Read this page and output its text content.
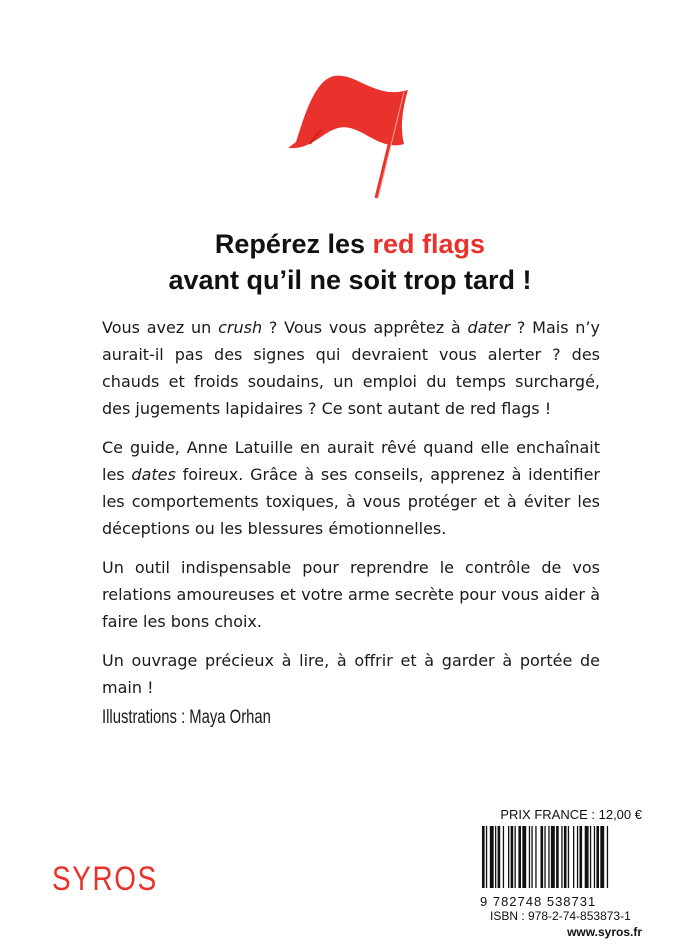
Repérez les red flags
avant qu’il ne soit trop tard !

Vous avez un crush ? Vous vous apprêtez à dater ? Mais n’y aurait-il pas des signes qui devraient vous alerter ? des chauds et froids soudains, un emploi du temps surchargé, des jugements lapidaires ? Ce sont autant de red flags !

Ce guide, Anne Latuille en aurait rêvé quand elle enchaînait les dates foireux. Grâce à ses conseils, apprenez à identifier les comportements toxiques, à vous protéger et à éviter les déceptions ou les blessures émotionnelles.

Un outil indispensable pour reprendre le contrôle de vos relations amoureuses et votre arme secrète pour vous aider à faire les bons choix.

Un ouvrage précieux à lire, à offrir et à garder à portée de main !

Illustrations : Maya Orhan
SYROS
PRIX FRANCE : 12,00 €
9 782748 538731
ISBN : 978-2-74-853873-1
www.syros.fr
